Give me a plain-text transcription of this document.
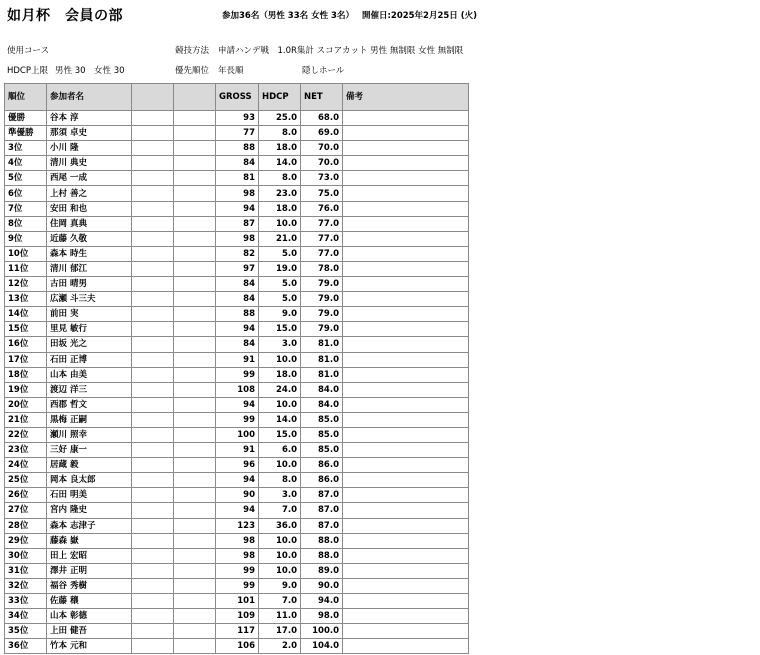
如月杯　会員の部	参加36名（男性 33名 女性 3名） 開催日:2025年2月25日 (火)
使用コース	競技方法 申請ハンデ戦　1.0R集計 スコアカット 男性 無制限 女性 無制限
HDCP上限 男性 30　女性 30	優先順位 年長順	隠しホール
順位	参加者名			GROSS	HDCP	NET	備考
優勝	谷本 淳			93	25.0	68.0	
準優勝	那須 卓史			77	8.0	69.0	
3位	小川 隆			88	18.0	70.0	
4位	清川 典史			84	14.0	70.0	
5位	西尾 一成			81	8.0	73.0	
6位	上村 善之			98	23.0	75.0	
7位	安田 和也			94	18.0	76.0	
8位	住岡 真典			87	10.0	77.0	
9位	近藤 久敬			98	21.0	77.0	
10位	森本 時生			82	5.0	77.0	
11位	清川 郁江			97	19.0	78.0	
12位	古田 晴男			84	5.0	79.0	
13位	広瀬 斗三夫			84	5.0	79.0	
14位	前田 実			88	9.0	79.0	
15位	里見 敏行			94	15.0	79.0	
16位	田坂 光之			84	3.0	81.0	
17位	石田 正博			91	10.0	81.0	
18位	山本 由美			99	18.0	81.0	
19位	渡辺 洋三			108	24.0	84.0	
20位	西郡 哲文			94	10.0	84.0	
21位	黒梅 正嗣			99	14.0	85.0	
22位	瀬川 照幸			100	15.0	85.0	
23位	三好 康一			91	6.0	85.0	
24位	居蔵 毅			96	10.0	86.0	
25位	岡本 良太郎			94	8.0	86.0	
26位	石田 明美			90	3.0	87.0	
27位	宮内 隆史			94	7.0	87.0	
28位	森本 志津子			123	36.0	87.0	
29位	藤森 嶽			98	10.0	88.0	
30位	田上 宏昭			98	10.0	88.0	
31位	澤井 正明			99	10.0	89.0	
32位	福谷 秀樹			99	9.0	90.0	
33位	佐藤 穣			101	7.0	94.0	
34位	山本 彰德			109	11.0	98.0	
35位	上田 健吾			117	17.0	100.0	
36位	竹本 元和			106	2.0	104.0	
